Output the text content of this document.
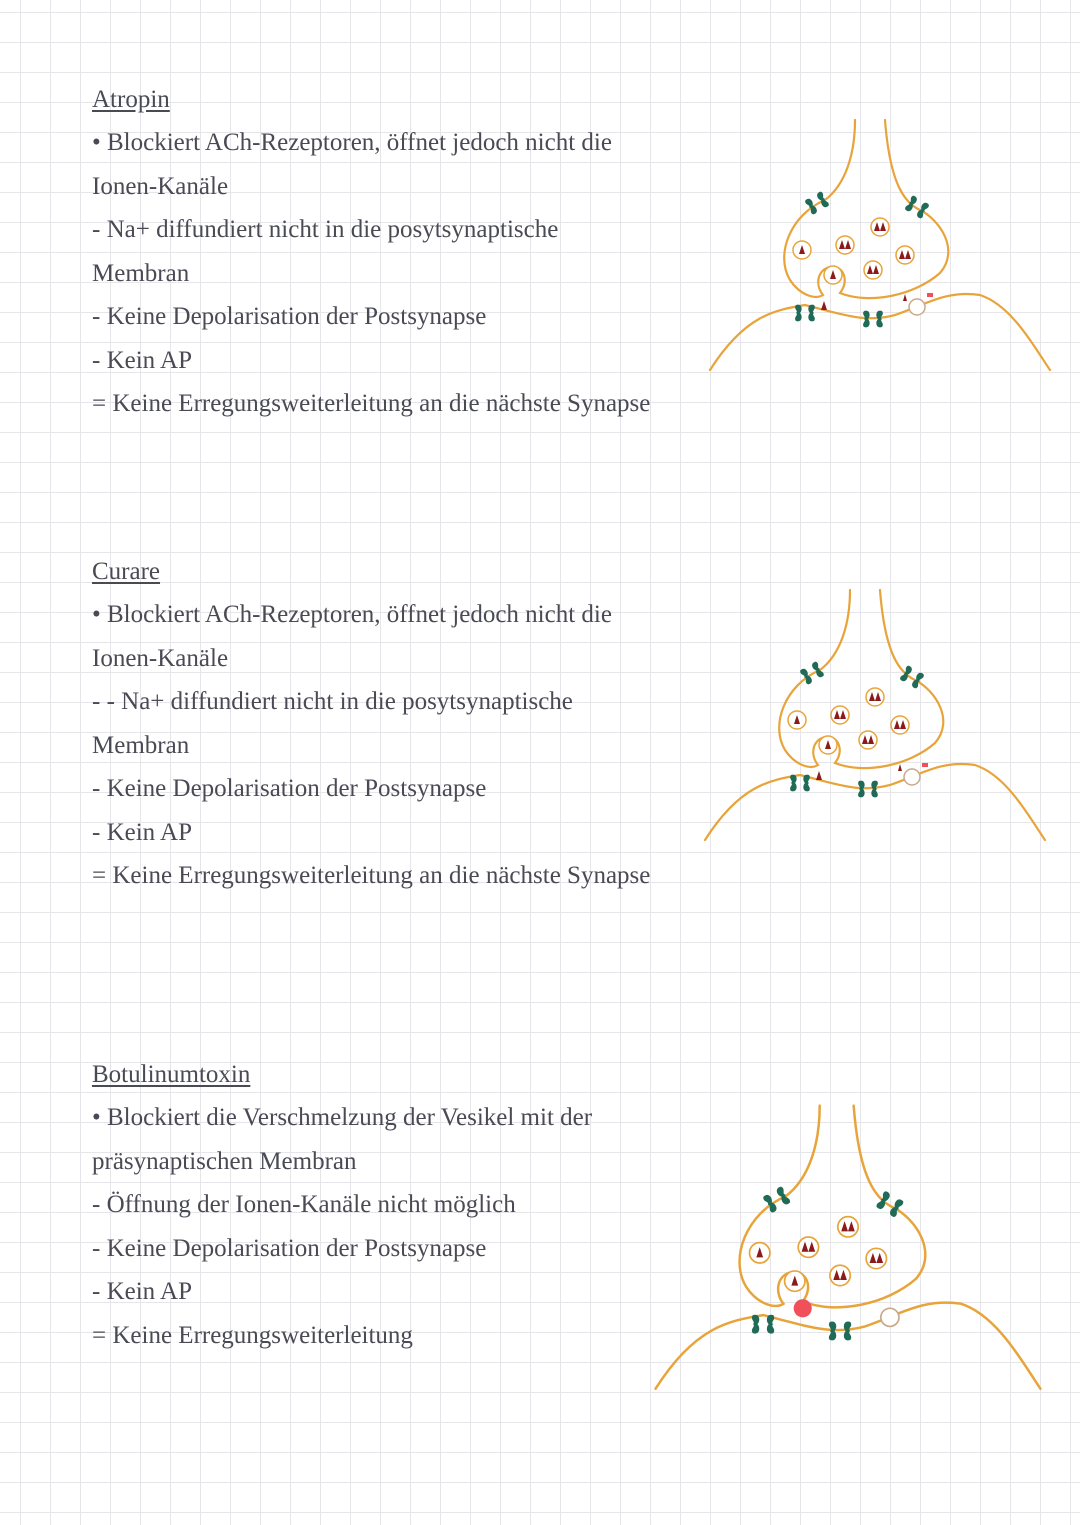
Atropin
• Blockiert ACh-Rezeptoren, öffnet jedoch nicht die
Ionen-Kanäle
- Na+ diffundiert nicht in die posytsynaptische
Membran
- Keine Depolarisation der Postsynapse
- Kein AP
= Keine Erregungsweiterleitung an die nächste Synapse
Curare
• Blockiert ACh-Rezeptoren, öffnet jedoch nicht die
Ionen-Kanäle
- - Na+ diffundiert nicht in die posytsynaptische
Membran
- Keine Depolarisation der Postsynapse
- Kein AP
= Keine Erregungsweiterleitung an die nächste Synapse
Botulinumtoxin
• Blockiert die Verschmelzung der Vesikel mit der
präsynaptischen Membran
- Öffnung der Ionen-Kanäle nicht möglich
- Keine Depolarisation der Postsynapse
- Kein AP
= Keine Erregungsweiterleitung
